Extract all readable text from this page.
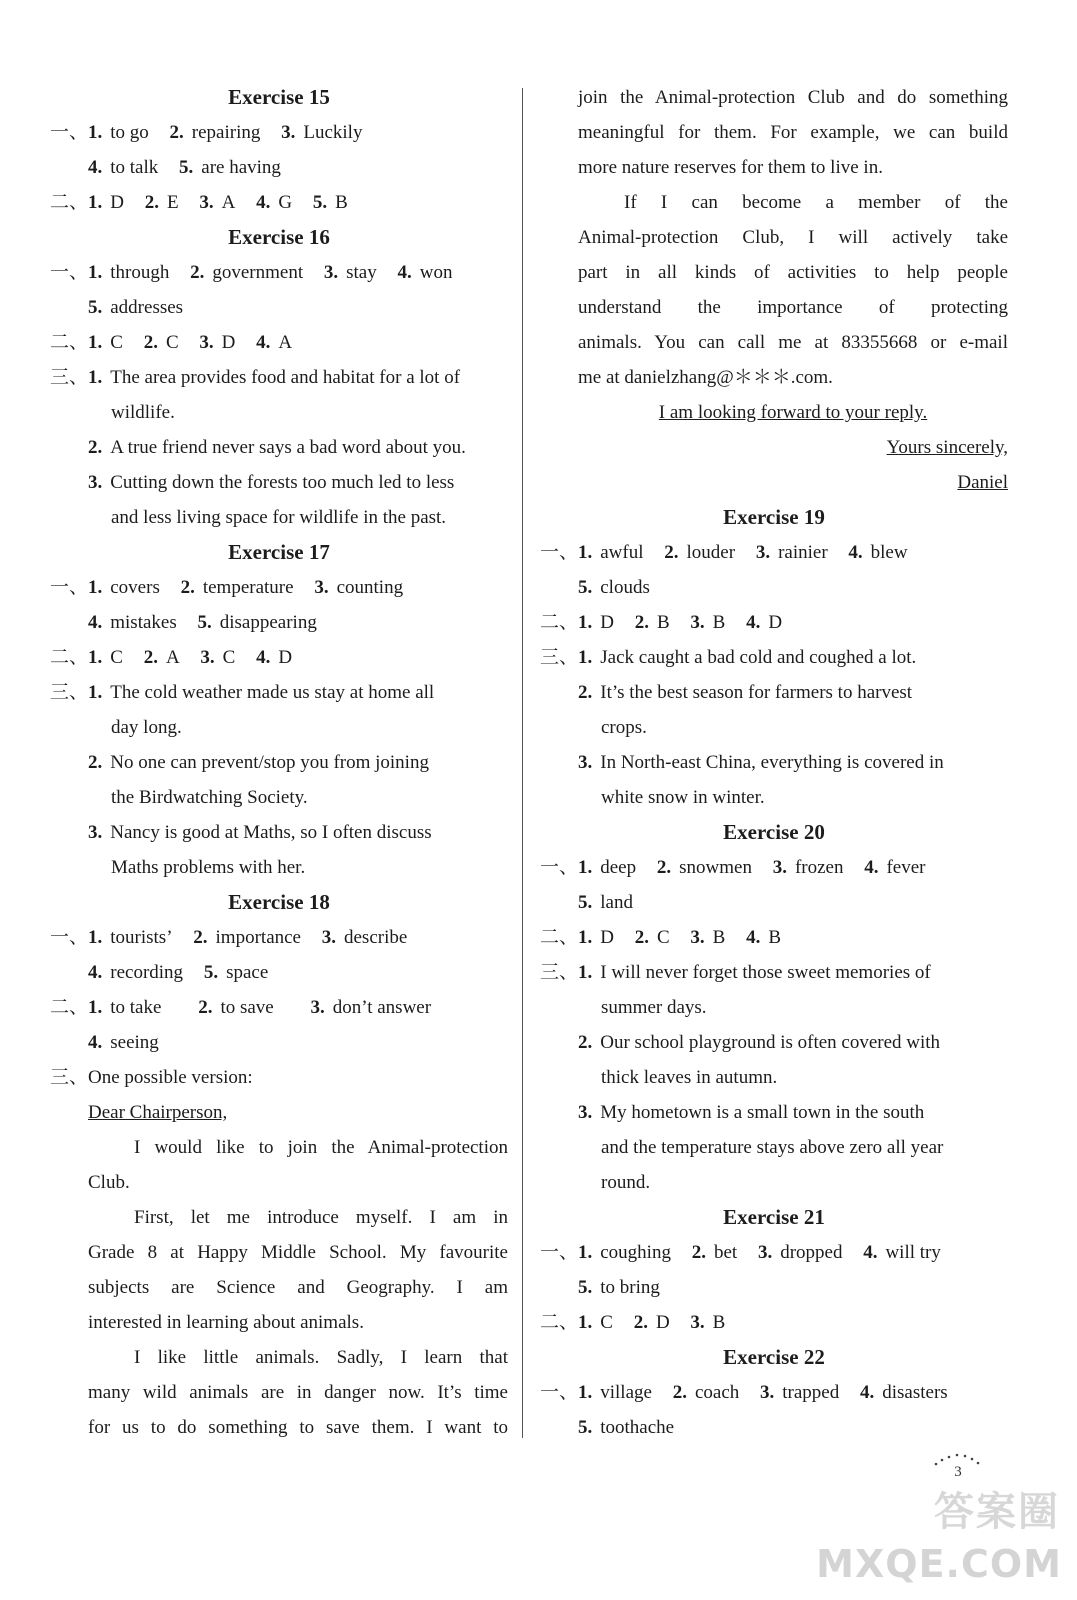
Exercise 15
一、 1. to go 2. repairing 3. Luckily
4. to talk 5. are having
二、 1. D 2. E 3. A 4. G 5. B
Exercise 16
一、 1. through 2. government 3. stay 4. won
5. addresses
二、 1. C 2. C 3. D 4. A
三、 1. The area provides food and habitat for a lot of
wildlife.
2. A true friend never says a bad word about you.
3. Cutting down the forests too much led to less
and less living space for wildlife in the past.
Exercise 17
一、 1. covers 2. temperature 3. counting
4. mistakes 5. disappearing
二、 1. C 2. A 3. C 4. D
三、 1. The cold weather made us stay at home all
day long.
2. No one can prevent/stop you from joining
the Birdwatching Society.
3. Nancy is good at Maths, so I often discuss
Maths problems with her.
Exercise 18
一、 1. tourists’ 2. importance 3. describe
4. recording 5. space
二、 1. to take 2. to save 3. don’t answer
4. seeing
三、 One possible version:
Dear Chairperson,
I would like to join the Animal-protection
Club.
First, let me introduce myself. I am in
Grade 8 at Happy Middle School. My favourite
subjects are Science and Geography. I am
interested in learning about animals.
I like little animals. Sadly, I learn that
many wild animals are in danger now. It’s time
for us to do something to save them. I want to
join the Animal-protection Club and do something
meaningful for them. For example, we can build
more nature reserves for them to live in.
If I can become a member of the
Animal-protection Club, I will actively take
part in all kinds of activities to help people
understand the importance of protecting
animals. You can call me at 83355668 or e-mail
me at danielzhang@＊＊＊.com.
I am looking forward to your reply.
Yours sincerely,
Daniel
Exercise 19
一、 1. awful 2. louder 3. rainier 4. blew
5. clouds
二、 1. D 2. B 3. B 4. D
三、 1. Jack caught a bad cold and coughed a lot.
2. It’s the best season for farmers to harvest
crops.
3. In North-east China, everything is covered in
white snow in winter.
Exercise 20
一、 1. deep 2. snowmen 3. frozen 4. fever
5. land
二、 1. D 2. C 3. B 4. B
三、 1. I will never forget those sweet memories of
summer days.
2. Our school playground is often covered with
thick leaves in autumn.
3. My hometown is a small town in the south
and the temperature stays above zero all year
round.
Exercise 21
一、 1. coughing 2. bet 3. dropped 4. will try
5. to bring
二、 1. C 2. D 3. B
Exercise 22
一、 1. village 2. coach 3. trapped 4. disasters
5. toothache
3
答案圈
MXQE.COM
